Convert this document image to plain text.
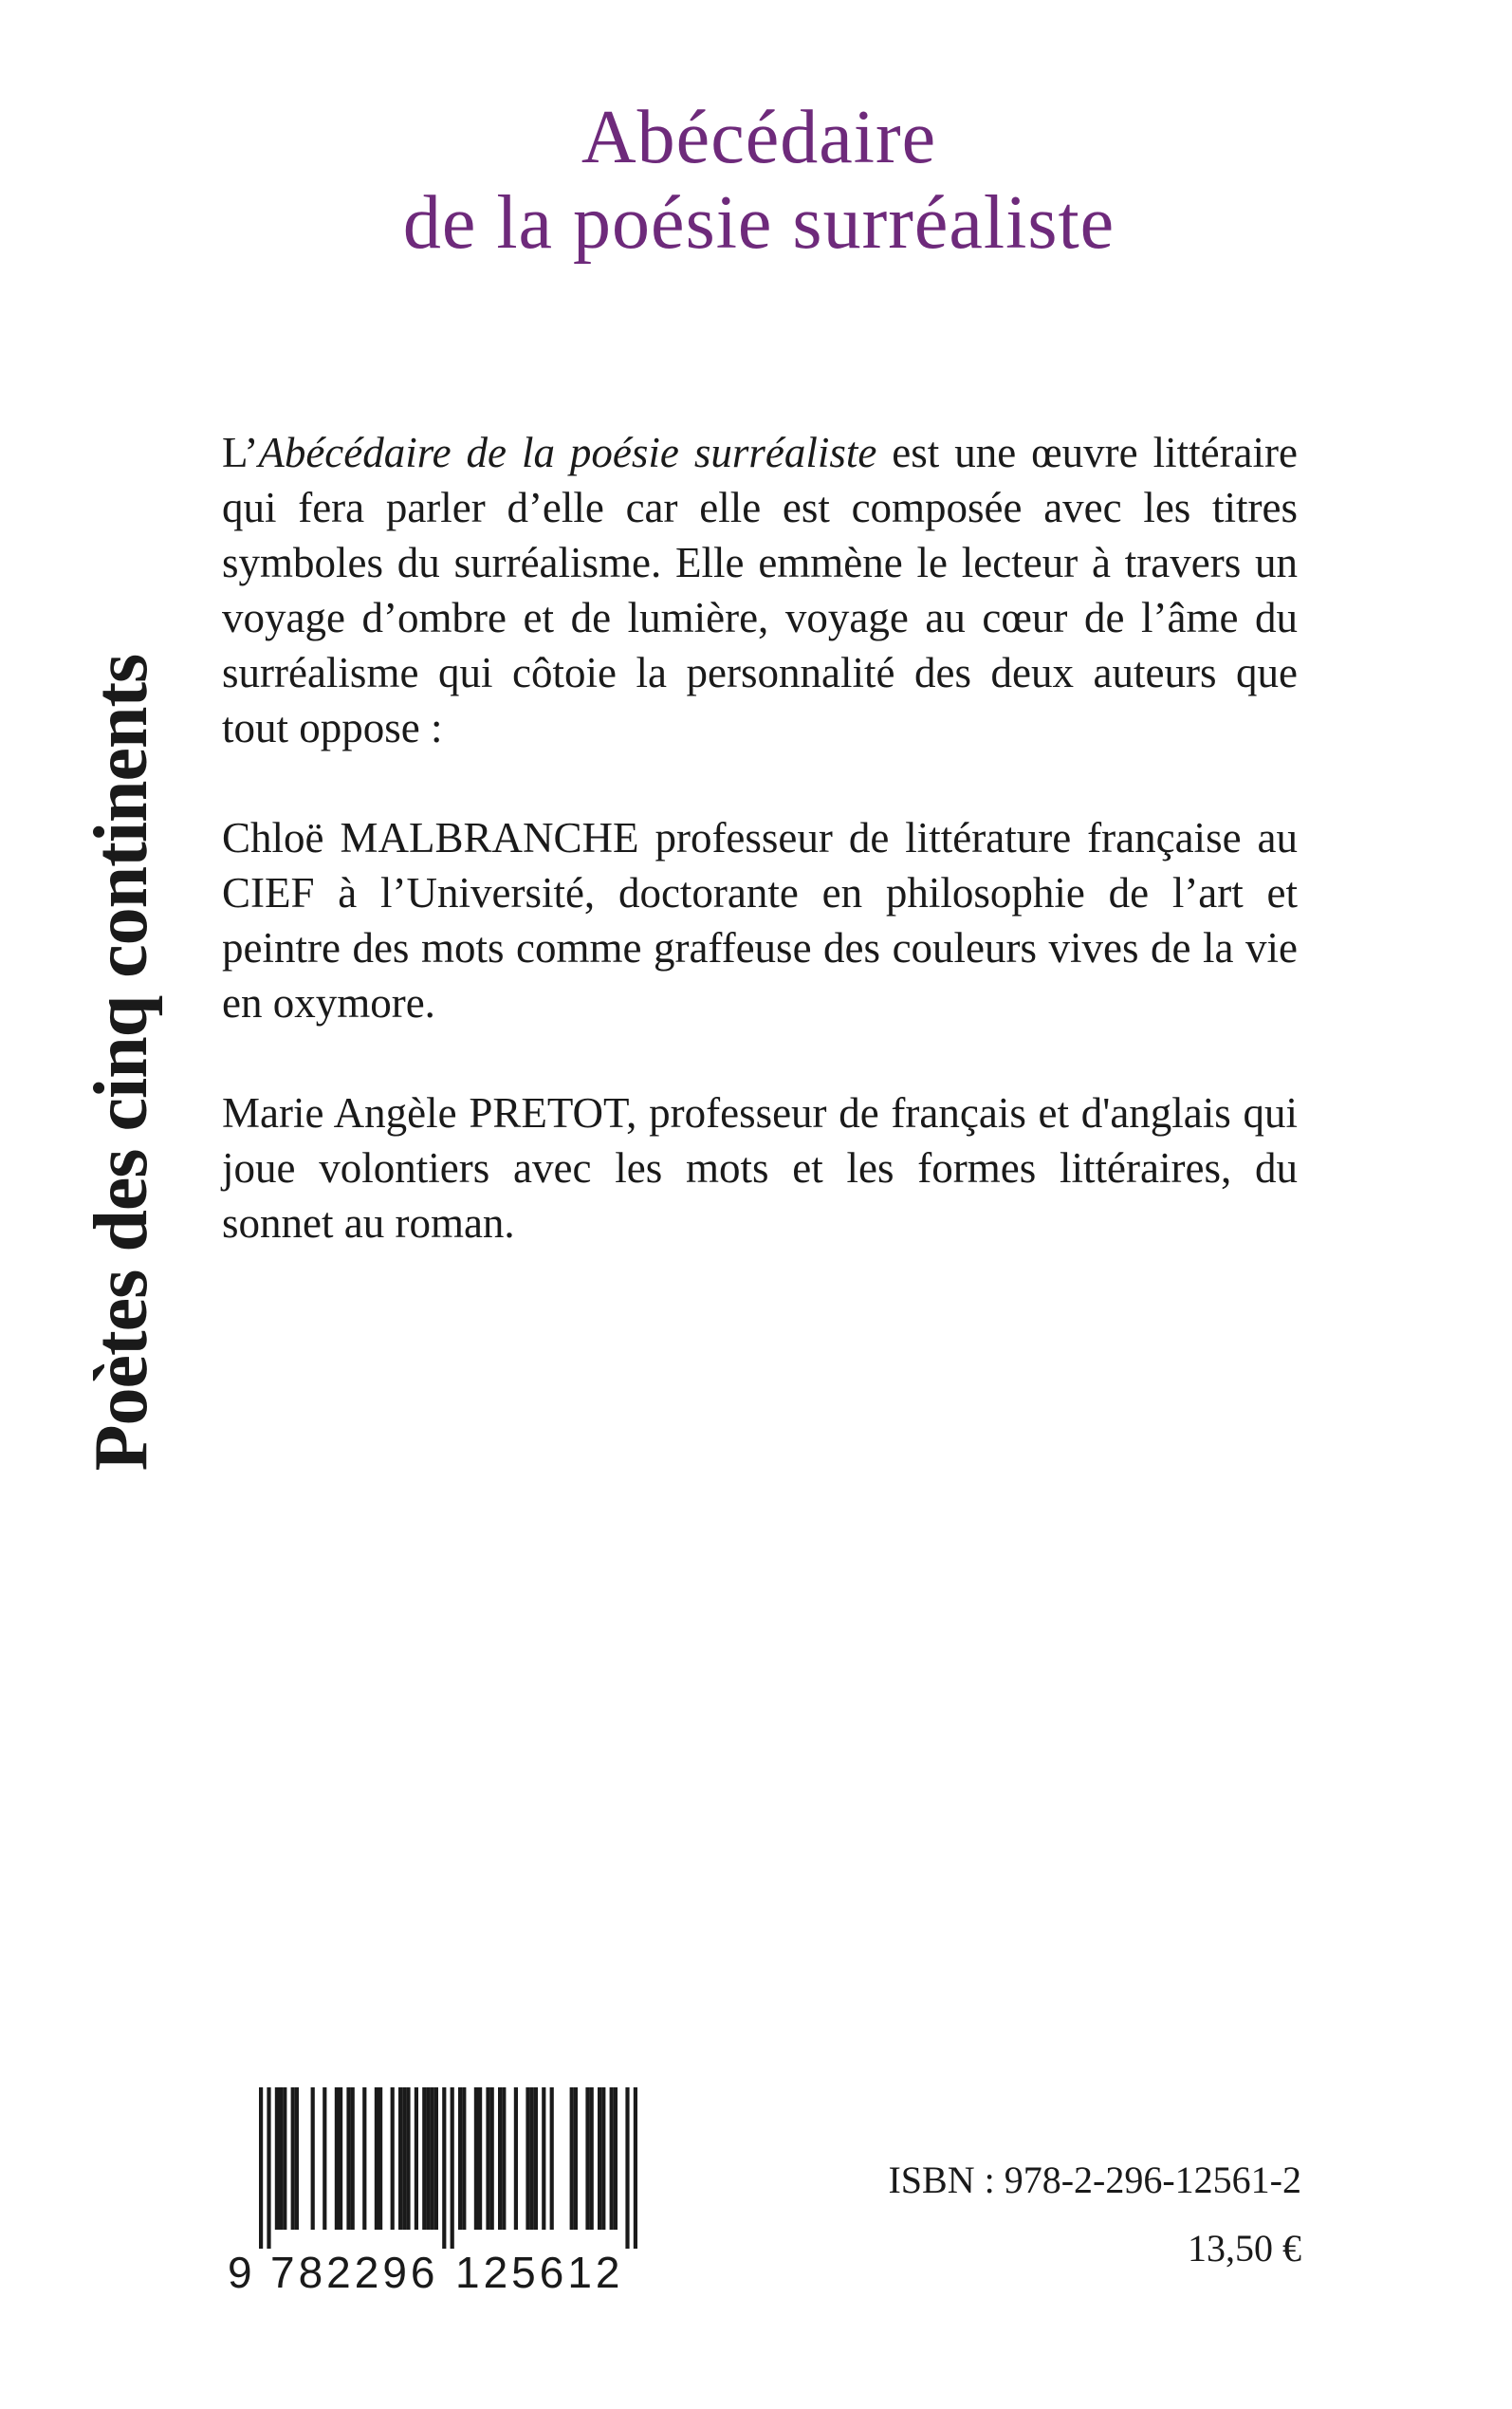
Poètes des cinq continents
Abécédaire
de la poésie surréaliste

L’Abécédaire de la poésie surréaliste est une œuvre littéraire qui fera parler d’elle car elle est composée avec les titres symboles du surréalisme. Elle emmène le lecteur à travers un voyage d’ombre et de lumière, voyage au cœur de l’âme du surréalisme qui côtoie la personnalité des deux auteurs que tout oppose :

Chloë MALBRANCHE professeur de littérature française au CIEF à l’Université, doctorante en philosophie de l’art et peintre des mots comme graffeuse des couleurs vives de la vie en oxymore.

Marie Angèle PRETOT, professeur de français et d'anglais qui joue volontiers avec les mots et les formes littéraires, du sonnet au roman.

9 782296 125612
ISBN : 978-2-296-12561-2
13,50 €
